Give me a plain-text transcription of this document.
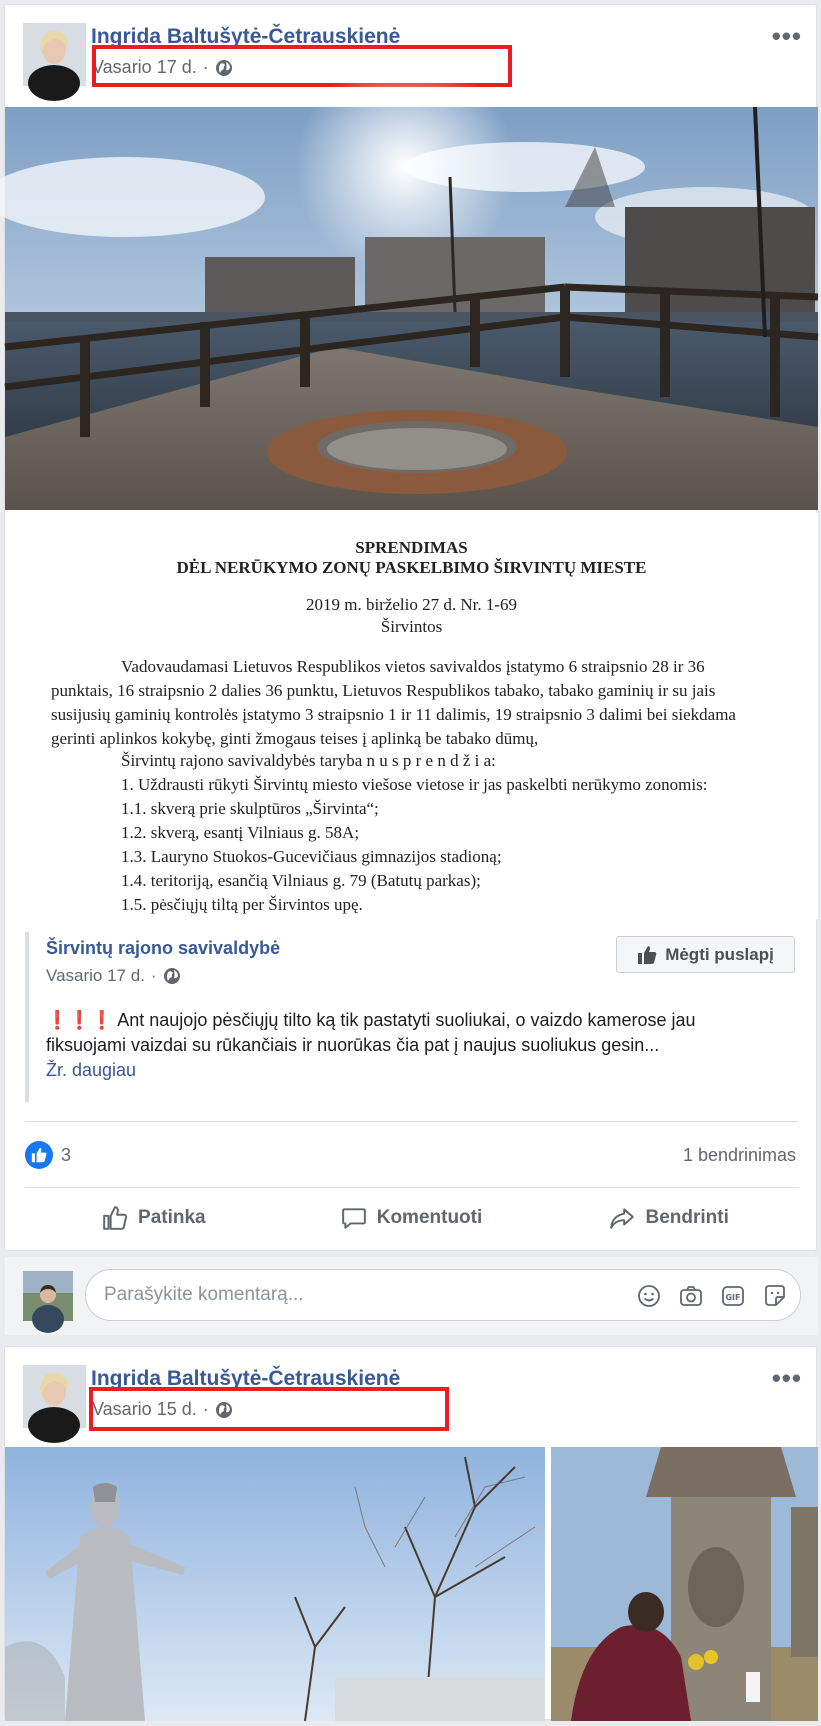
Ingrida Baltušytė-Četrauskienė
Vasario 17 d. ·
•••
SPRENDIMAS
DĖL NERŪKYMO ZONŲ PASKELBIMO ŠIRVINTŲ MIESTE
2019 m. birželio 27 d. Nr. 1-69
Širvintos
Vadovaudamasi Lietuvos Respublikos vietos savivaldos įstatymo 6 straipsnio 28 ir 36
punktais, 16 straipsnio 2 dalies 36 punktu, Lietuvos Respublikos tabako, tabako gaminių ir su jais
susijusių gaminių kontrolės įstatymo 3 straipsnio 1 ir 11 dalimis, 19 straipsnio 3 dalimi bei siekdama
gerinti aplinkos kokybę, ginti žmogaus teises į aplinką be tabako dūmų,
Širvintų rajono savivaldybės taryba n u s p r e n d ž i a:
1. Uždrausti rūkyti Širvintų miesto viešose vietose ir jas paskelbti nerūkymo zonomis:
1.1. skverą prie skulptūros „Širvinta“;
1.2. skverą, esantį Vilniaus g. 58A;
1.3. Lauryno Stuokos-Gucevičiaus gimnazijos stadioną;
1.4. teritoriją, esančią Vilniaus g. 79 (Batutų parkas);
1.5. pėsčiųjų tiltą per Širvintos upę.
Širvintų rajono savivaldybė
Vasario 17 d. ·
Mėgti puslapį
❗❗❗ Ant naujojo pėsčiųjų tilto ką tik pastatyti suoliukai, o vaizdo kamerose jau fiksuojami vaizdai su rūkančiais ir nuorūkas čia pat į naujus suoliukus gesin...
Žr. daugiau
3	1 bendrinimas
Patinka	Komentuoti	Bendrinti
Parašykite komentarą...	GIF
Ingrida Baltušytė-Četrauskienė
Vasario 15 d. ·
•••
